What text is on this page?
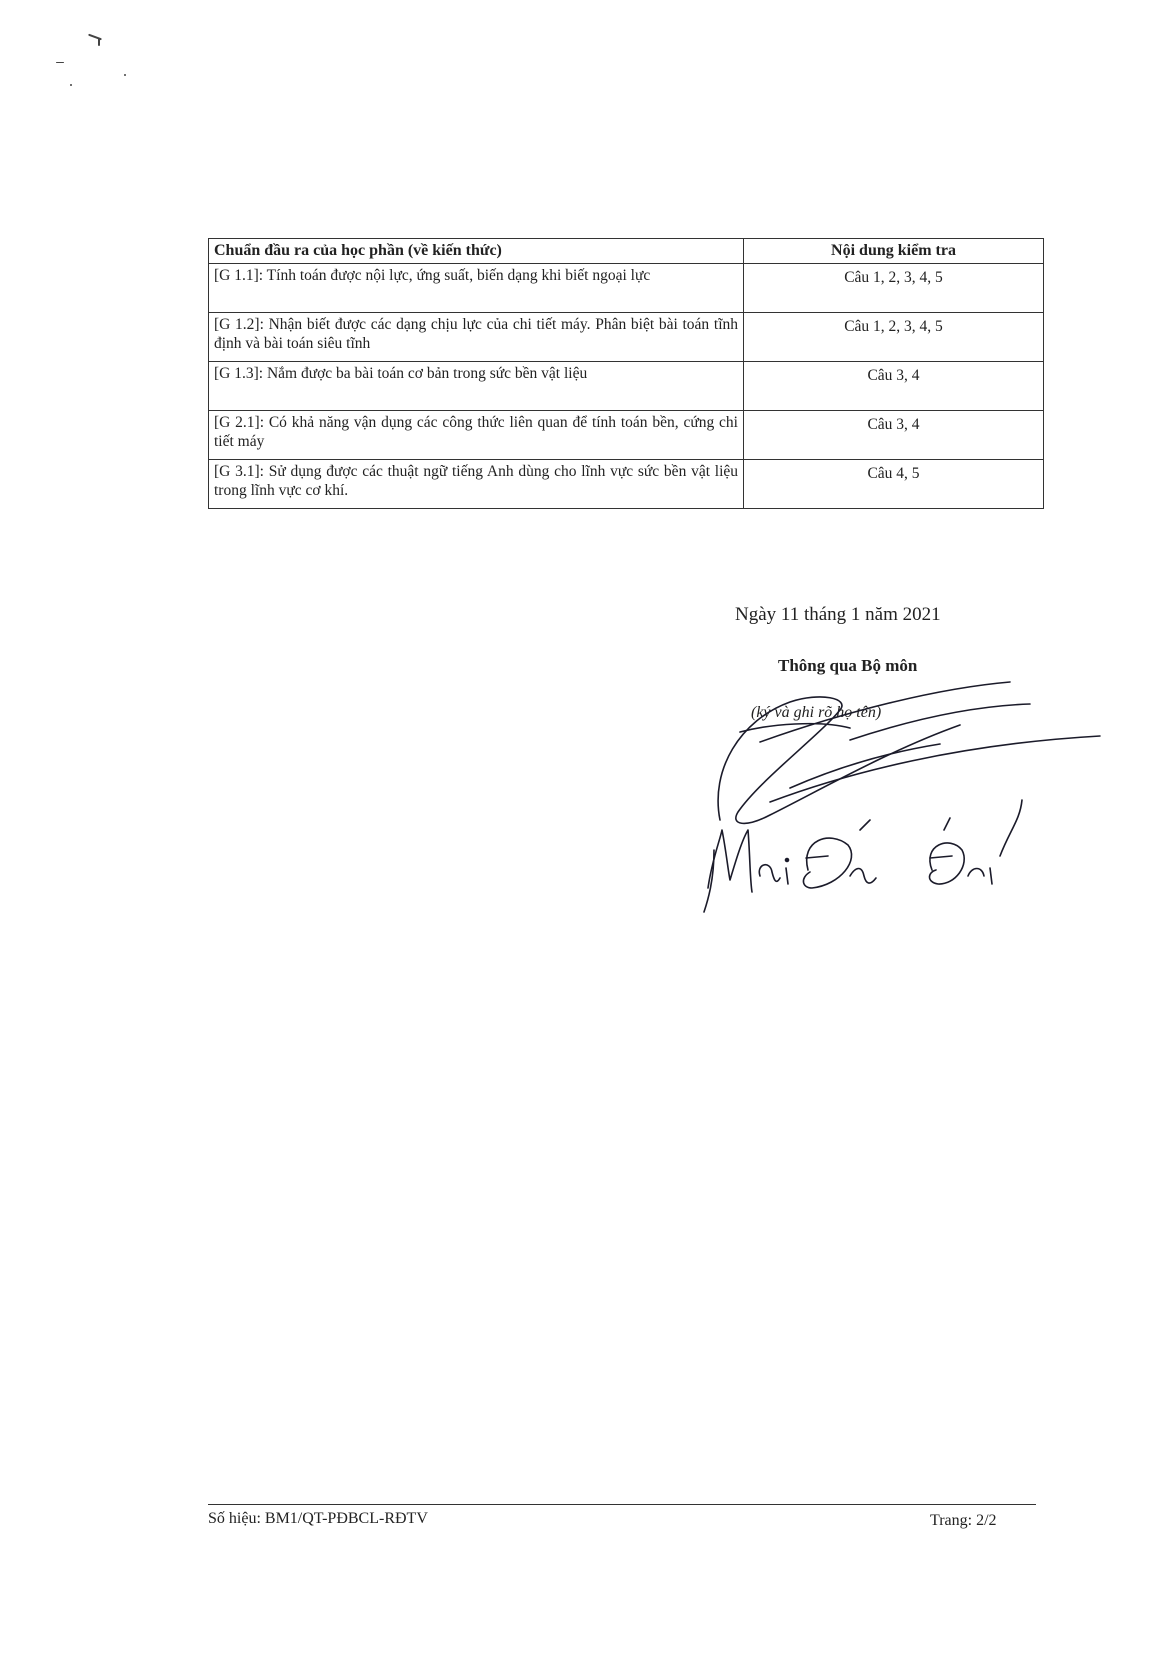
Chuẩn đầu ra của học phần (về kiến thức)	Nội dung kiểm tra
[G 1.1]: Tính toán được nội lực, ứng suất, biến dạng khi biết ngoại lực	Câu 1, 2, 3, 4, 5
[G 1.2]: Nhận biết được các dạng chịu lực của chi tiết máy. Phân biệt bài toán tĩnh định và bài toán siêu tĩnh	Câu 1, 2, 3, 4, 5
[G 1.3]: Nắm được ba bài toán cơ bản trong sức bền vật liệu	Câu 3, 4
[G 2.1]: Có khả năng vận dụng các công thức liên quan để tính toán bền, cứng chi tiết máy	Câu 3, 4
[G 3.1]: Sử dụng được các thuật ngữ tiếng Anh dùng cho lĩnh vực sức bền vật liệu trong lĩnh vực cơ khí.	Câu 4, 5
Ngày 11 tháng 1 năm 2021
Thông qua Bộ môn
(ký và ghi rõ họ tên)
Số hiệu: BM1/QT-PĐBCL-RĐTV	Trang: 2/2
